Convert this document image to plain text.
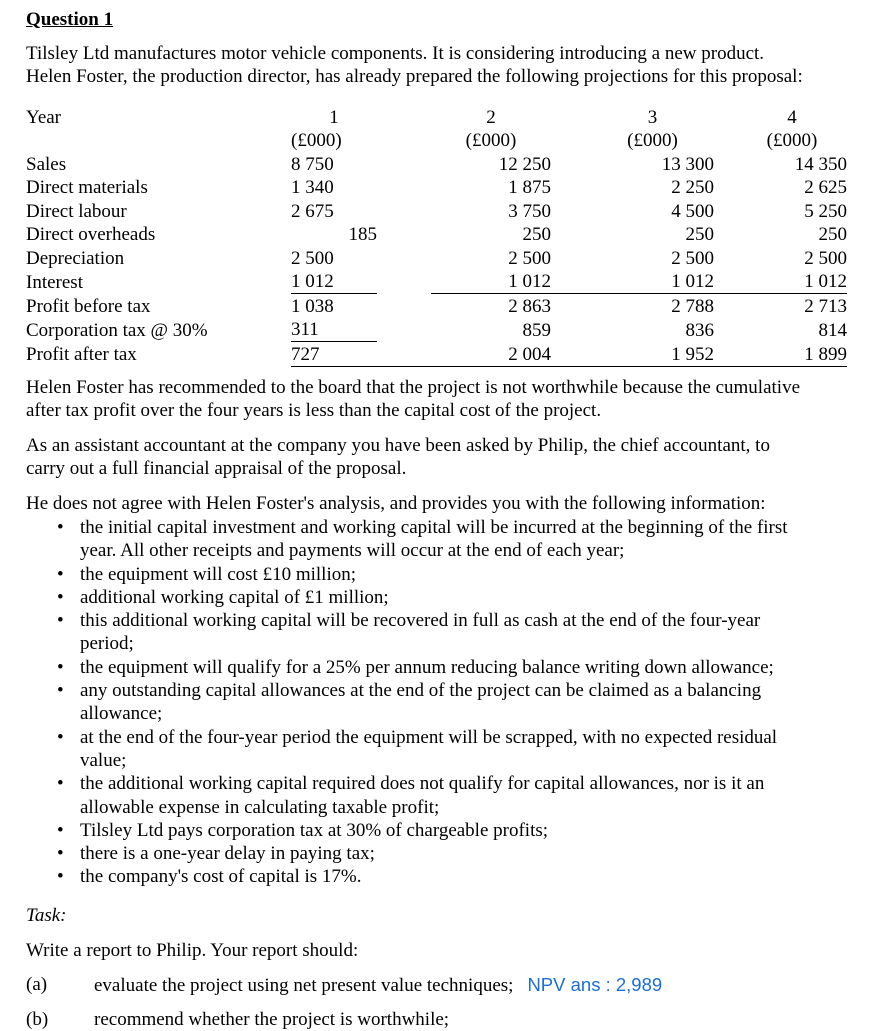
Question 1
Tilsley Ltd manufactures motor vehicle components. It is considering introducing a new product.
Helen Foster, the production director, has already prepared the following projections for this proposal:
Year	1		2		3		4
	(£000)		(£000)		(£000)		(£000)
Sales	8 750		12 250		13 300		14 350
Direct materials	1 340		1 875		2 250		2 625
Direct labour	2 675		3 750		4 500		5 250
Direct overheads	185		250		250		250
Depreciation	2 500		2 500		2 500		2 500
Interest	1 012		1 012		1 012		1 012
Profit before tax	1 038		2 863		2 788		2 713
Corporation tax @ 30%	311		859		836		814
Profit after tax	727		2 004		1 952		1 899
Helen Foster has recommended to the board that the project is not worthwhile because the cumulative
after tax profit over the four years is less than the capital cost of the project.
As an assistant accountant at the company you have been asked by Philip, the chief accountant, to
carry out a full financial appraisal of the proposal.
He does not agree with Helen Foster's analysis, and provides you with the following information:
• the initial capital investment and working capital will be incurred at the beginning of the first
year. All other receipts and payments will occur at the end of each year;
• the equipment will cost £10 million;
• additional working capital of £1 million;
• this additional working capital will be recovered in full as cash at the end of the four-year
period;
• the equipment will qualify for a 25% per annum reducing balance writing down allowance;
• any outstanding capital allowances at the end of the project can be claimed as a balancing
allowance;
• at the end of the four-year period the equipment will be scrapped, with no expected residual
value;
• the additional working capital required does not qualify for capital allowances, nor is it an
allowable expense in calculating taxable profit;
• Tilsley Ltd pays corporation tax at 30% of chargeable profits;
• there is a one-year delay in paying tax;
• the company's cost of capital is 17%.
Task:
Write a report to Philip. Your report should:
(a) evaluate the project using net present value techniques; NPV ans : 2,989
(b) recommend whether the project is worthwhile;
